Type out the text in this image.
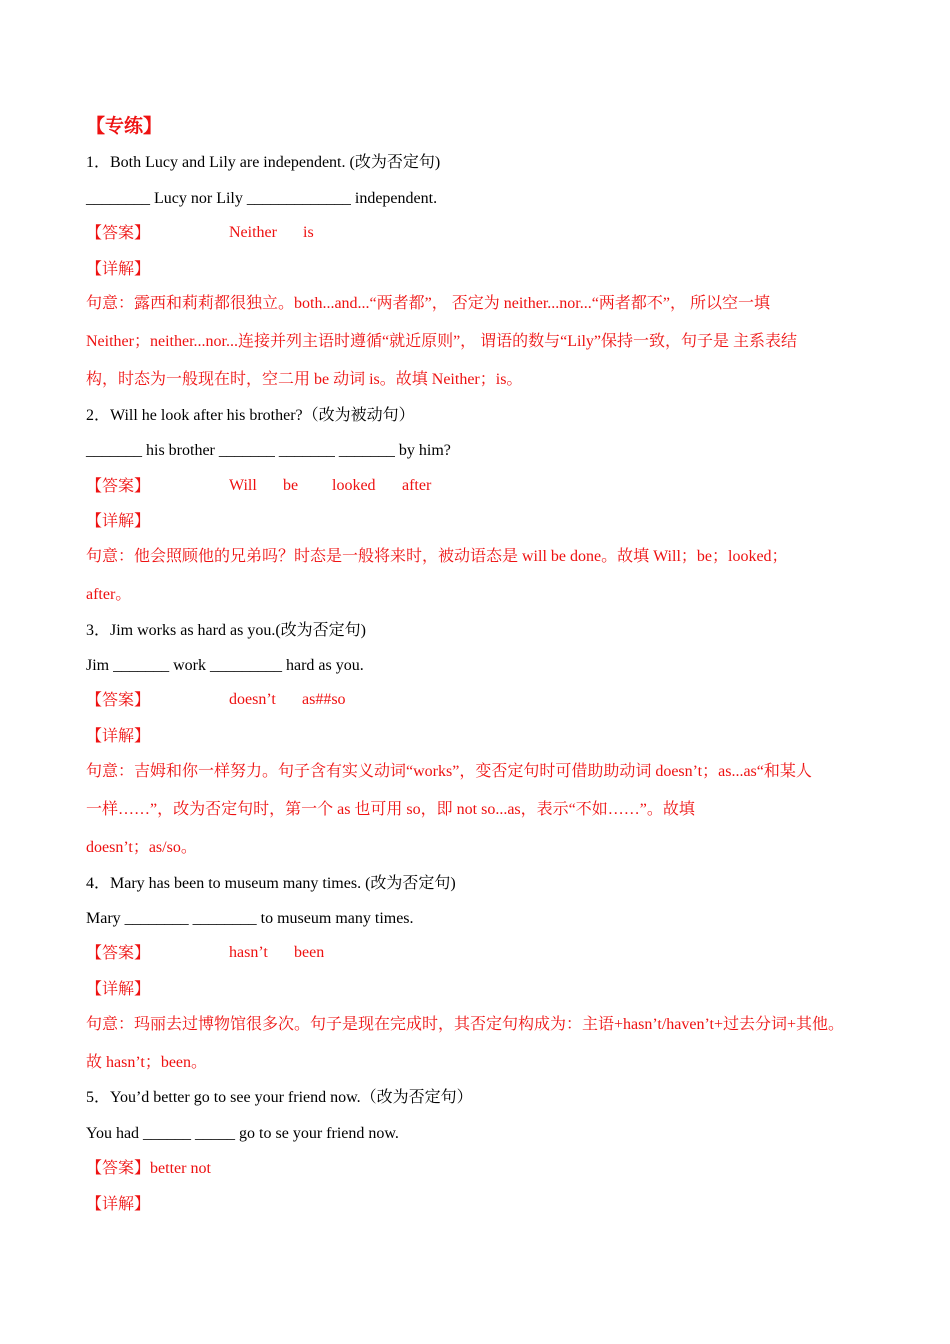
【专练】
1．Both Lucy and Lily are independent. (改为否定句)
________ Lucy nor Lily _____________ independent.
【答案】	Neither is
【详解】
句意：露西和莉莉都很独立。both...and...“两者都”， 否定为 neither...nor...“两者都不”， 所以空一填
Neither；neither...nor...连接并列主语时遵循“就近原则”， 谓语的数与“Lily”保持一致，句子是 主系表结
构，时态为一般现在时，空二用 be 动词 is。故填 Neither；is。
2．Will he look after his brother?（改为被动句）
_______ his brother _______ _______ _______ by him?
【答案】	Will be looked after
【详解】
句意：他会照顾他的兄弟吗？时态是一般将来时，被动语态是 will be done。故填 Will；be；looked；
after。
3．Jim works as hard as you.(改为否定句)
Jim _______ work _________ hard as you.
【答案】	doesn’t as##so
【详解】
句意：吉姆和你一样努力。句子含有实义动词“works”，变否定句时可借助助动词 doesn’t；as...as“和某人
一样……”，改为否定句时，第一个 as 也可用 so，即 not so...as，表示“不如……”。故填
doesn’t；as/so。
4．Mary has been to museum many times. (改为否定句)
Mary ________ ________ to museum many times.
【答案】	hasn’t been
【详解】
句意：玛丽去过博物馆很多次。句子是现在完成时，其否定句构成为：主语+hasn’t/haven’t+过去分词+其他。
故 hasn’t；been。
5．You’d better go to see your friend now.（改为否定句）
You had ______ _____ go to se your friend now.
【答案】better not
【详解】
